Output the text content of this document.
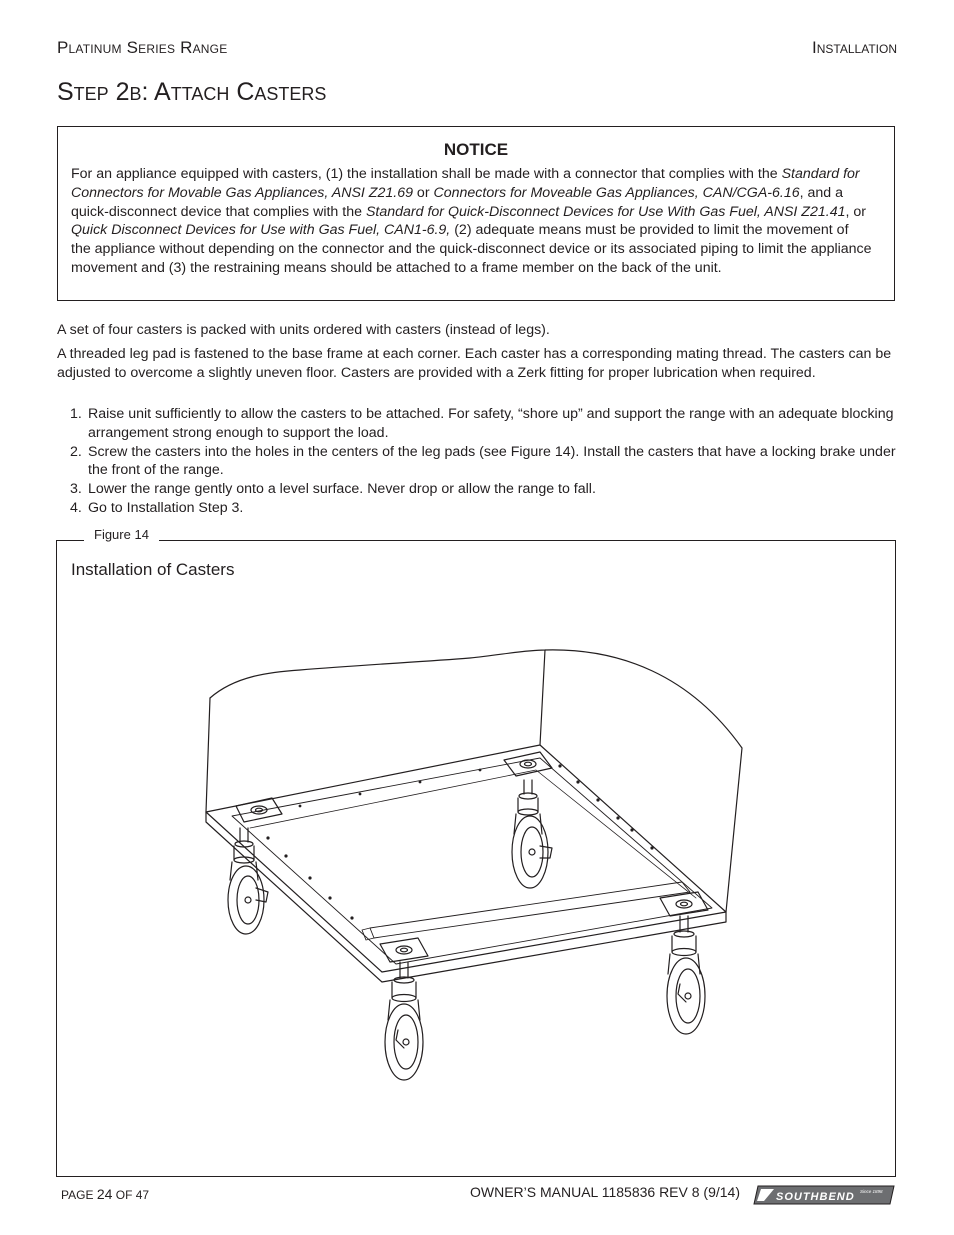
Platinum Series Range	Installation
Step 2b: Attach Casters
NOTICE
For an appliance equipped with casters, (1) the installation shall be made with a connector that complies with the Standard for Connectors for Movable Gas Appliances, ANSI Z21.69 or Connectors for Moveable Gas Appliances, CAN/CGA-6.16, and a quick-disconnect device that complies with the Standard for Quick-Disconnect Devices for Use With Gas Fuel, ANSI Z21.41, or Quick Disconnect Devices for Use with Gas Fuel, CAN1-6.9, (2) adequate means must be provided to limit the movement of the appliance without depending on the connector and the quick-disconnect device or its associated piping to limit the appliance movement and (3) the restraining means should be attached to a frame member on the back of the unit.
A set of four casters is packed with units ordered with casters (instead of legs).
A threaded leg pad is fastened to the base frame at each corner. Each caster has a corresponding mating thread. The casters can be adjusted to overcome a slightly uneven floor. Casters are provided with a Zerk fitting for proper lubrication when required.
1. Raise unit sufficiently to allow the casters to be attached. For safety, “shore up” and support the range with an adequate blocking arrangement strong enough to support the load.
2. Screw the casters into the holes in the centers of the leg pads (see Figure 14). Install the casters that have a locking brake under the front of the range.
3. Lower the range gently onto a level surface. Never drop or allow the range to fall.
4. Go to Installation Step 3.
Figure 14
Installation of Casters
PAGE 24 OF 47	OWNER’S MANUAL 1185836 REV 8 (9/14)	SOUTHBEND Since 1898
